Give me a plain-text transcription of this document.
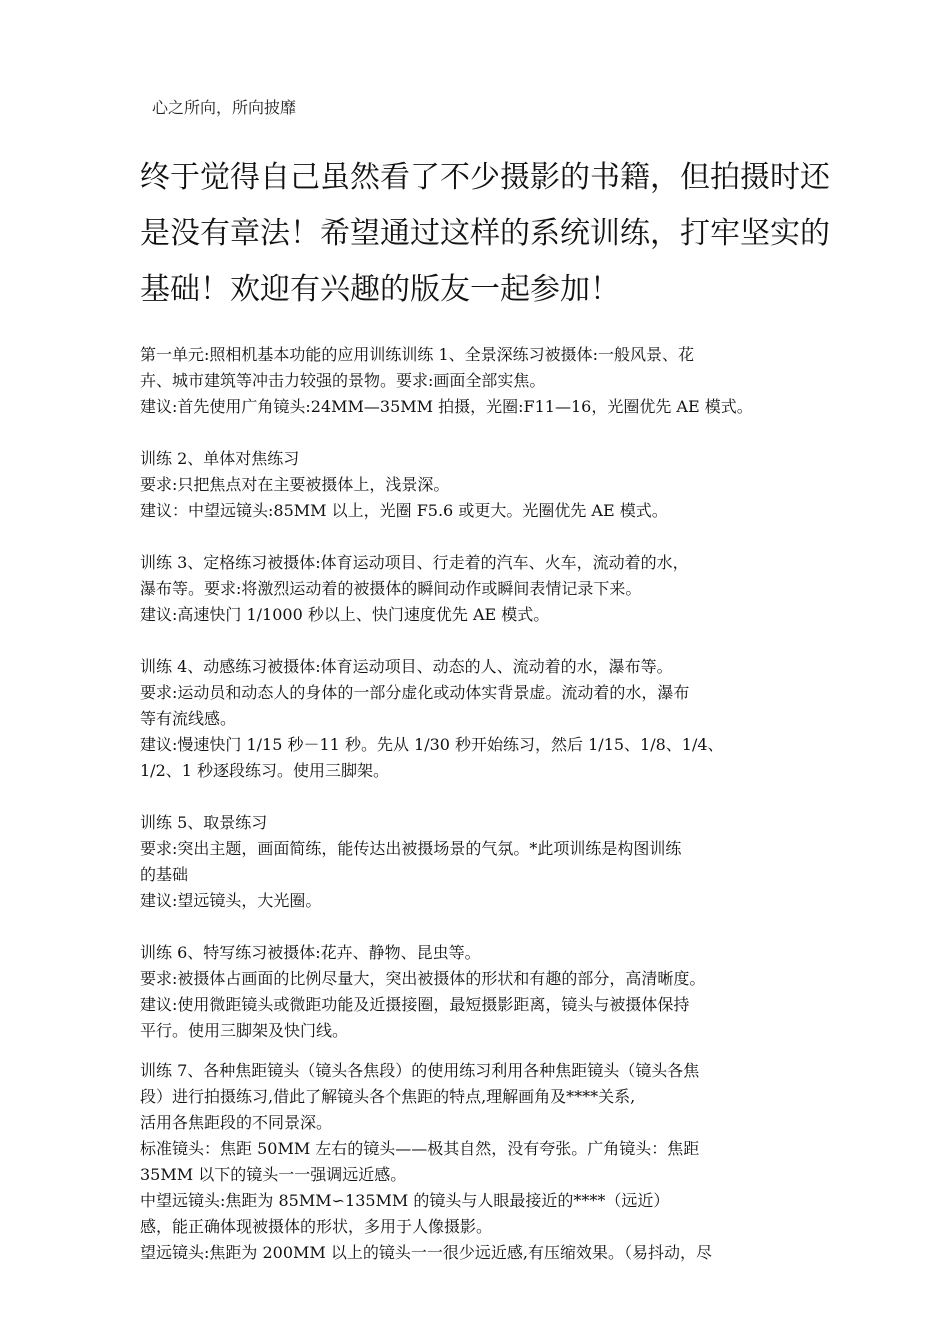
心之所向，所向披靡
终于觉得自己虽然看了不少摄影的书籍，但拍摄时还
是没有章法！希望通过这样的系统训练，打牢坚实的
基础！欢迎有兴趣的版友一起参加！
第一单元:照相机基本功能的应用训练训练 1、全景深练习被摄体:一般风景、花
卉、城市建筑等冲击力较强的景物。要求:画面全部实焦。
建议:首先使用广角镜头:24MM—35MM 拍摄，光圈:F11—16，光圈优先 AE 模式。
训练 2、单体对焦练习
要求:只把焦点对在主要被摄体上，浅景深。
建议：中望远镜头:85MM 以上，光圈 F5.6 或更大。光圈优先 AE 模式。
训练 3、定格练习被摄体:体育运动项目、行走着的汽车、火车，流动着的水，
瀑布等。要求:将激烈运动着的被摄体的瞬间动作或瞬间表情记录下来。
建议:高速快门 1/1000 秒以上、快门速度优先 AE 模式。
训练 4、动感练习被摄体:体育运动项目、动态的人、流动着的水，瀑布等。
要求:运动员和动态人的身体的一部分虚化或动体实背景虚。流动着的水，瀑布
等有流线感。
建议:慢速快门 1/15 秒－11 秒。先从 1/30 秒开始练习，然后 1/15、1/8、1/4、
1/2、1 秒逐段练习。使用三脚架。
训练 5、取景练习
要求:突出主题，画面简练，能传达出被摄场景的气氛。*此项训练是构图训练
的基础
建议:望远镜头，大光圈。
训练 6、特写练习被摄体:花卉、静物、昆虫等。
要求:被摄体占画面的比例尽量大，突出被摄体的形状和有趣的部分，高清晰度。
建议:使用微距镜头或微距功能及近摄接圈，最短摄影距离，镜头与被摄体保持
平行。使用三脚架及快门线。
训练 7、各种焦距镜头（镜头各焦段）的使用练习利用各种焦距镜头（镜头各焦
段）进行拍摄练习,借此了解镜头各个焦距的特点,理解画角及****关系,
活用各焦距段的不同景深。
标准镜头：焦距 50MM 左右的镜头——极其自然，没有夸张。广角镜头：焦距
35MM 以下的镜头一一强调远近感。
中望远镜头:焦距为 85MM∽135MM 的镜头与人眼最接近的****（远近）
感，能正确体现被摄体的形状，多用于人像摄影。
望远镜头:焦距为 200MM 以上的镜头一一很少远近感,有压缩效果。（易抖动，尽
